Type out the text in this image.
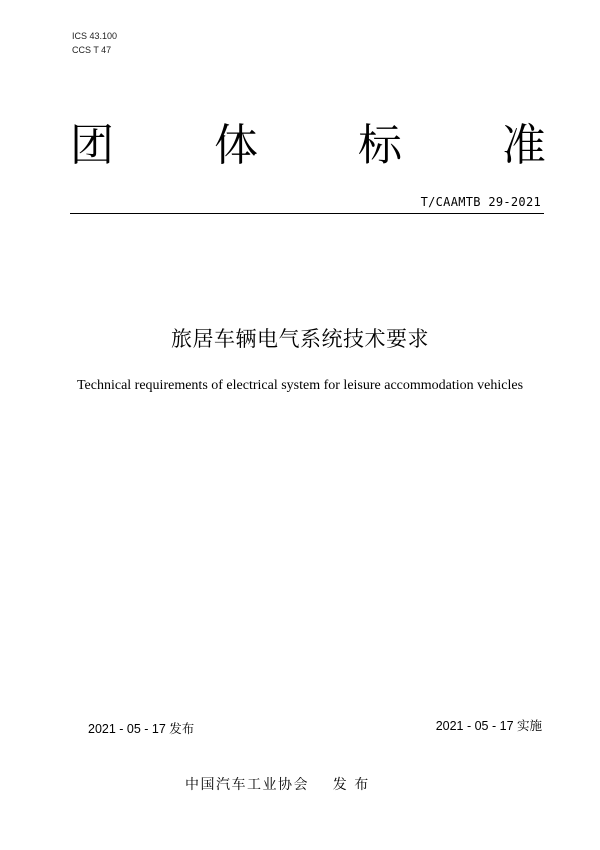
ICS 43.100
CCS T 47
团 体 标 准
T/CAAMTB 29-2021
旅居车辆电气系统技术要求
Technical requirements of electrical system for leisure accommodation vehicles
2021 - 05 - 17 发布	2021 - 05 - 17 实施
中国汽车工业协会    发 布
